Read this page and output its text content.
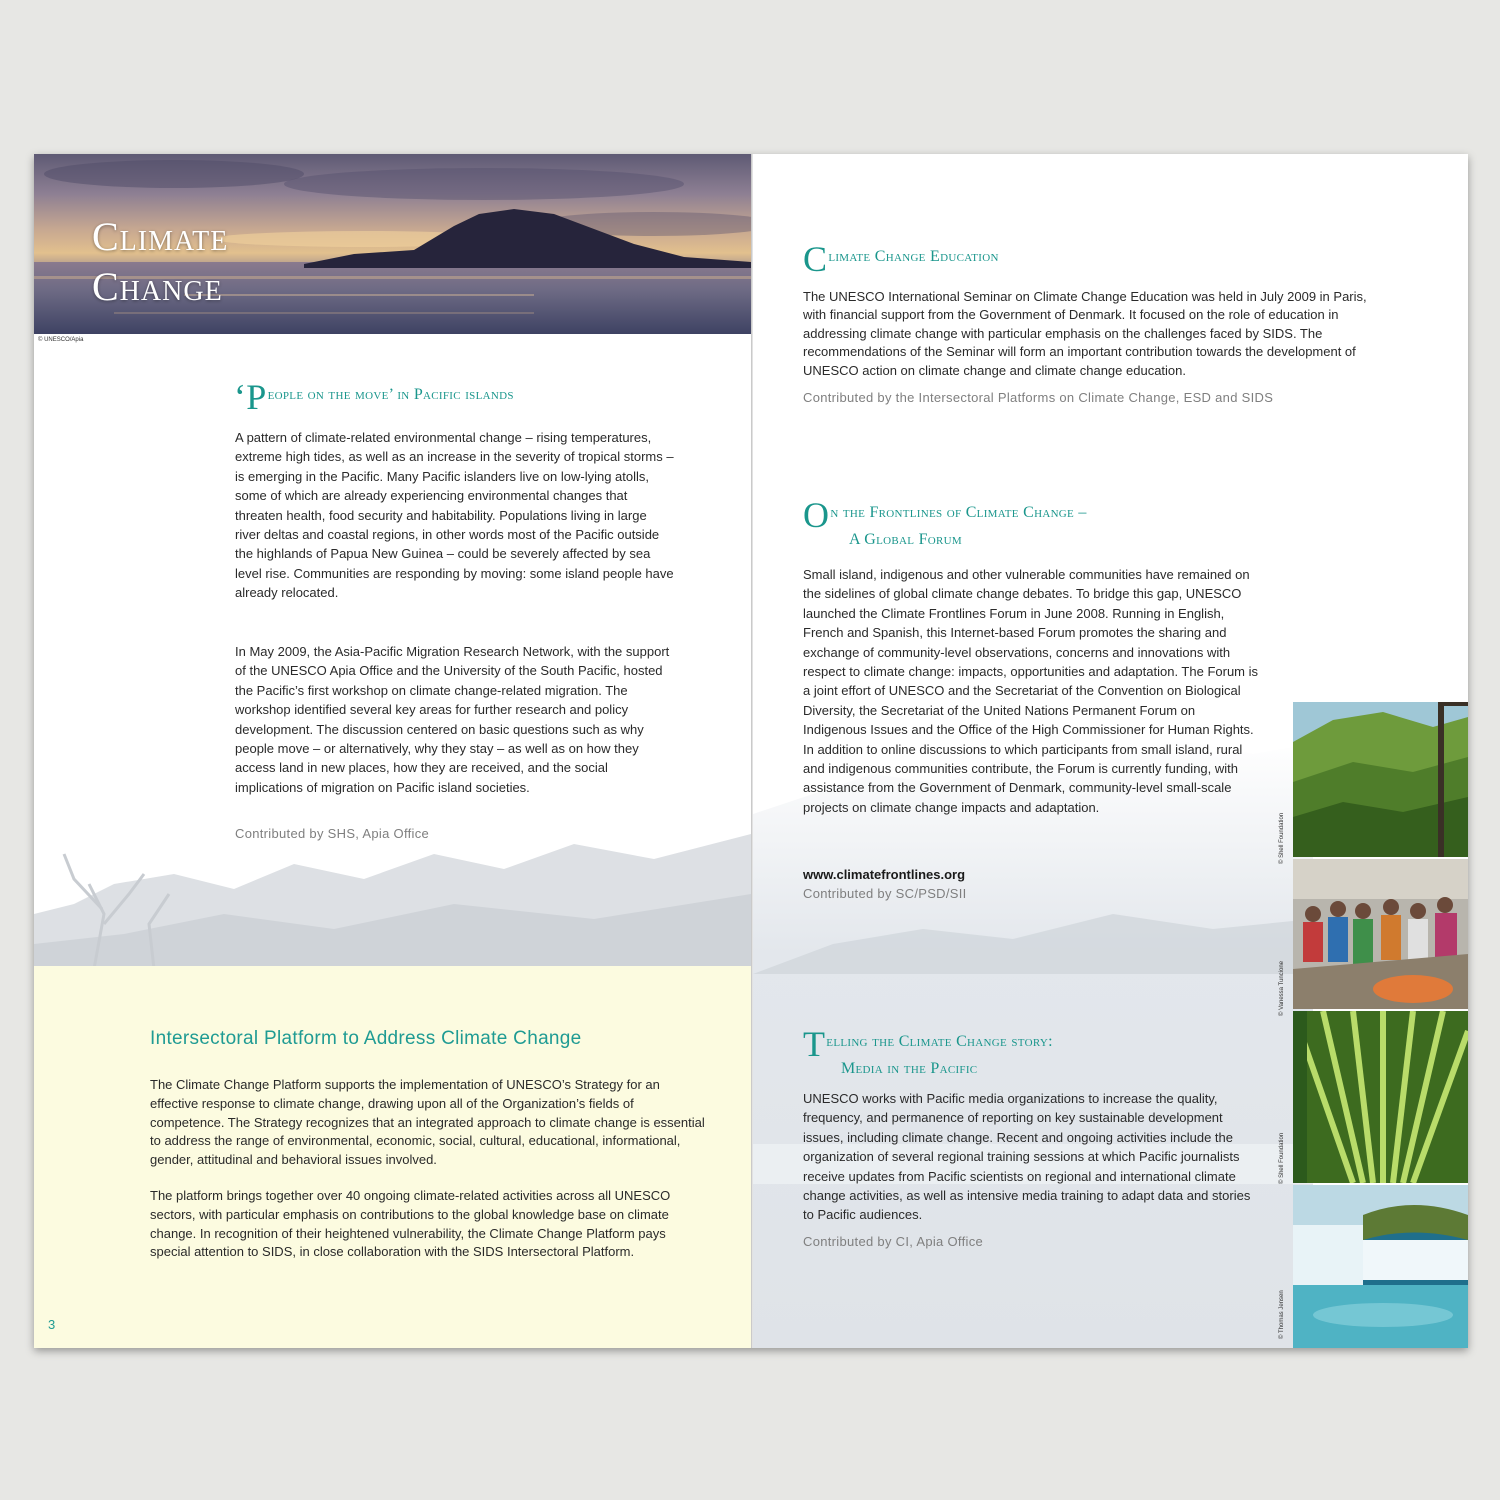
Climate
Change
© UNESCO/Apia
‘People on the move’ in Pacific islands

A pattern of climate-related environmental change – rising temperatures, extreme high tides, as well as an increase in the severity of tropical storms – is emerging in the Pacific. Many Pacific islanders live on low-lying atolls, some of which are already experiencing environmental changes that threaten health, food security and habitability. Populations living in large river deltas and coastal regions, in other words most of the Pacific outside the highlands of Papua New Guinea – could be severely affected by sea level rise. Communities are responding by moving: some island people have already relocated.

In May 2009, the Asia-Pacific Migration Research Network, with the support of the UNESCO Apia Office and the University of the South Pacific, hosted the Pacific’s first workshop on climate change-related migration. The workshop identified several key areas for further research and policy development. The discussion centered on basic questions such as why people move – or alternatively, why they stay – as well as on how they access land in new places, how they are received, and the social implications of migration on Pacific island societies.

Contributed by SHS, Apia Office

Intersectoral Platform to Address Climate Change

The Climate Change Platform supports the implementation of UNESCO’s Strategy for an effective response to climate change, drawing upon all of the Organization’s fields of competence. The Strategy recognizes that an integrated approach to climate change is essential to address the range of environmental, economic, social, cultural, educational, informational, gender, attitudinal and behavioral issues involved.

The platform brings together over 40 ongoing climate-related activities across all UNESCO sectors, with particular emphasis on contributions to the global knowledge base on climate change. In recognition of their heightened vulnerability, the Climate Change Platform pays special attention to SIDS, in close collaboration with the SIDS Intersectoral Platform.

3

Climate Change Education

The UNESCO International Seminar on Climate Change Education was held in July 2009 in Paris, with financial support from the Government of Denmark. It focused on the role of education in addressing climate change with particular emphasis on the challenges faced by SIDS. The recommendations of the Seminar will form an important contribution towards the development of UNESCO action on climate change and climate change education.

Contributed by the Intersectoral Platforms on Climate Change, ESD and SIDS

On the Frontlines of Climate Change –
A Global Forum

Small island, indigenous and other vulnerable communities have remained on the sidelines of global climate change debates. To bridge this gap, UNESCO launched the Climate Frontlines Forum in June 2008. Running in English, French and Spanish, this Internet-based Forum promotes the sharing and exchange of community-level observations, concerns and innovations with respect to climate change: impacts, opportunities and adaptation. The Forum is a joint effort of UNESCO and the Secretariat of the Convention on Biological Diversity, the Secretariat of the United Nations Permanent Forum on Indigenous Issues and the Office of the High Commissioner for Human Rights. In addition to online discussions to which participants from small island, rural and indigenous communities contribute, the Forum is currently funding, with assistance from the Government of Denmark, community-level small-scale projects on climate change impacts and adaptation.

www.climatefrontlines.org

Contributed by SC/PSD/SII

Telling the Climate Change story:
Media in the Pacific

UNESCO works with Pacific media organizations to increase the quality, frequency, and permanence of reporting on key sustainable development issues, including climate change. Recent and ongoing activities include the organization of several regional training sessions at which Pacific journalists receive updates from Pacific scientists on regional and international climate change activities, as well as intensive media training to adapt data and stories to Pacific audiences.

Contributed by CI, Apia Office

© Shell Foundation
© Vanessa Tuncione
© Shell Foundation
© Thomas Jensen
